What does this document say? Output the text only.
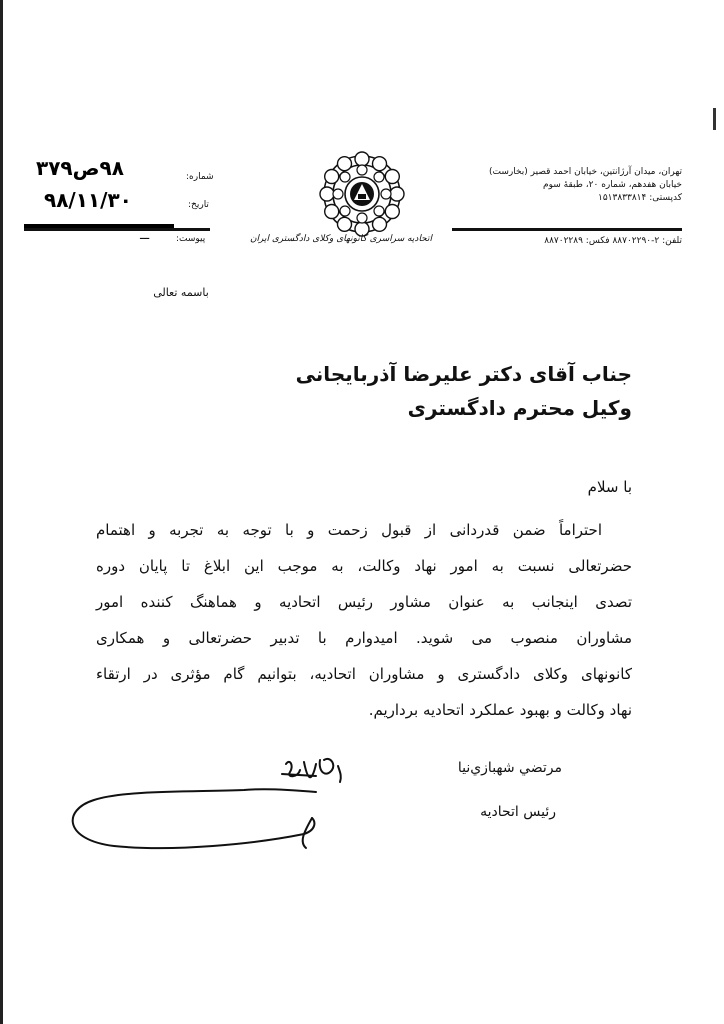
تهران، میدان آرژانتین، خیابان احمد قصیر (بخارست)
خیابان هفدهم، شماره ۲۰، طبقهٔ سوم
کدپستی: ۱۵۱۳۸۳۳۸۱۴
تلفن: ۲-۸۸۷۰۲۲۹۰ فکس: ۸۸۷۰۲۲۸۹
اتحادیه سراسری کانونهای وکلای دادگستری ایران
شماره:
۹۸ص۳۷۹
تاریخ:
۹۸/۱۱/۳۰
پیوست:
ـــ
باسمه تعالی
جناب آقای دکتر علیرضا آذربایجانی
وکیل محترم دادگستری
با سلام
احتراماً ضمن قدردانی از قبول زحمت و با توجه به تجربه و اهتمام
حضرتعالی نسبت به امور نهاد وکالت، به موجب این ابلاغ تا پایان دوره
تصدی اینجانب به عنوان مشاور رئیس اتحادیه و هماهنگ کننده امور
مشاوران منصوب می شوید. امیدوارم با تدبیر حضرتعالی و همکاری
کانونهای وکلای دادگستری و مشاوران اتحادیه، بتوانیم گام مؤثری در ارتقاء
نهاد وکالت و بهبود عملکرد اتحادیه برداریم.
مرتضي شهبازي‌نیا
رئیس اتحادیه
